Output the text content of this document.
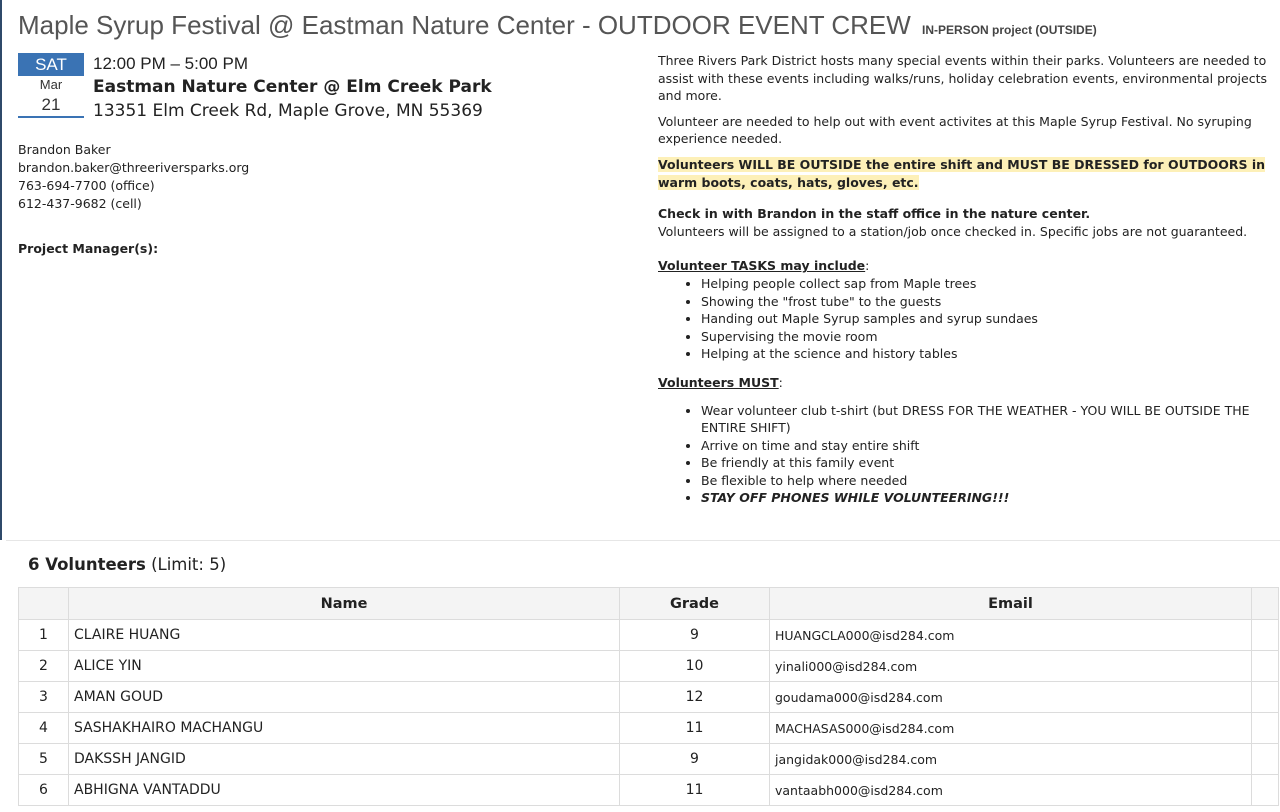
Maple Syrup Festival @ Eastman Nature Center - OUTDOOR EVENT CREW IN-PERSON project (OUTSIDE)
SAT
Mar
21
12:00 PM – 5:00 PM
Eastman Nature Center @ Elm Creek Park
13351 Elm Creek Rd, Maple Grove, MN 55369
Brandon Baker
brandon.baker@threeriversparks.org
763-694-7700 (office)
612-437-9682 (cell)
Project Manager(s):

Three Rivers Park District hosts many special events within their parks. Volunteers are needed to assist with these events including walks/runs, holiday celebration events, environmental projects and more.

Volunteer are needed to help out with event activites at this Maple Syrup Festival. No syruping experience needed.

Volunteers WILL BE OUTSIDE the entire shift and MUST BE DRESSED for OUTDOORS in warm boots, coats, hats, gloves, etc.

Check in with Brandon in the staff office in the nature center.
Volunteers will be assigned to a station/job once checked in. Specific jobs are not guaranteed.

Volunteer TASKS may include:
• Helping people collect sap from Maple trees
• Showing the "frost tube" to the guests
• Handing out Maple Syrup samples and syrup sundaes
• Supervising the movie room
• Helping at the science and history tables
Volunteers MUST:
• Wear volunteer club t-shirt (but DRESS FOR THE WEATHER - YOU WILL BE OUTSIDE THE ENTIRE SHIFT)
• Arrive on time and stay entire shift
• Be friendly at this family event
• Be flexible to help where needed
• STAY OFF PHONES WHILE VOLUNTEERING!!!
6 Volunteers (Limit: 5)
	Name	Grade	Email	
1	CLAIRE HUANG	9	HUANGCLA000@isd284.com	
2	ALICE YIN	10	yinali000@isd284.com	
3	AMAN GOUD	12	goudama000@isd284.com	
4	SASHAKHAIRO MACHANGU	11	MACHASAS000@isd284.com	
5	DAKSSH JANGID	9	jangidak000@isd284.com	
6	ABHIGNA VANTADDU	11	vantaabh000@isd284.com	
